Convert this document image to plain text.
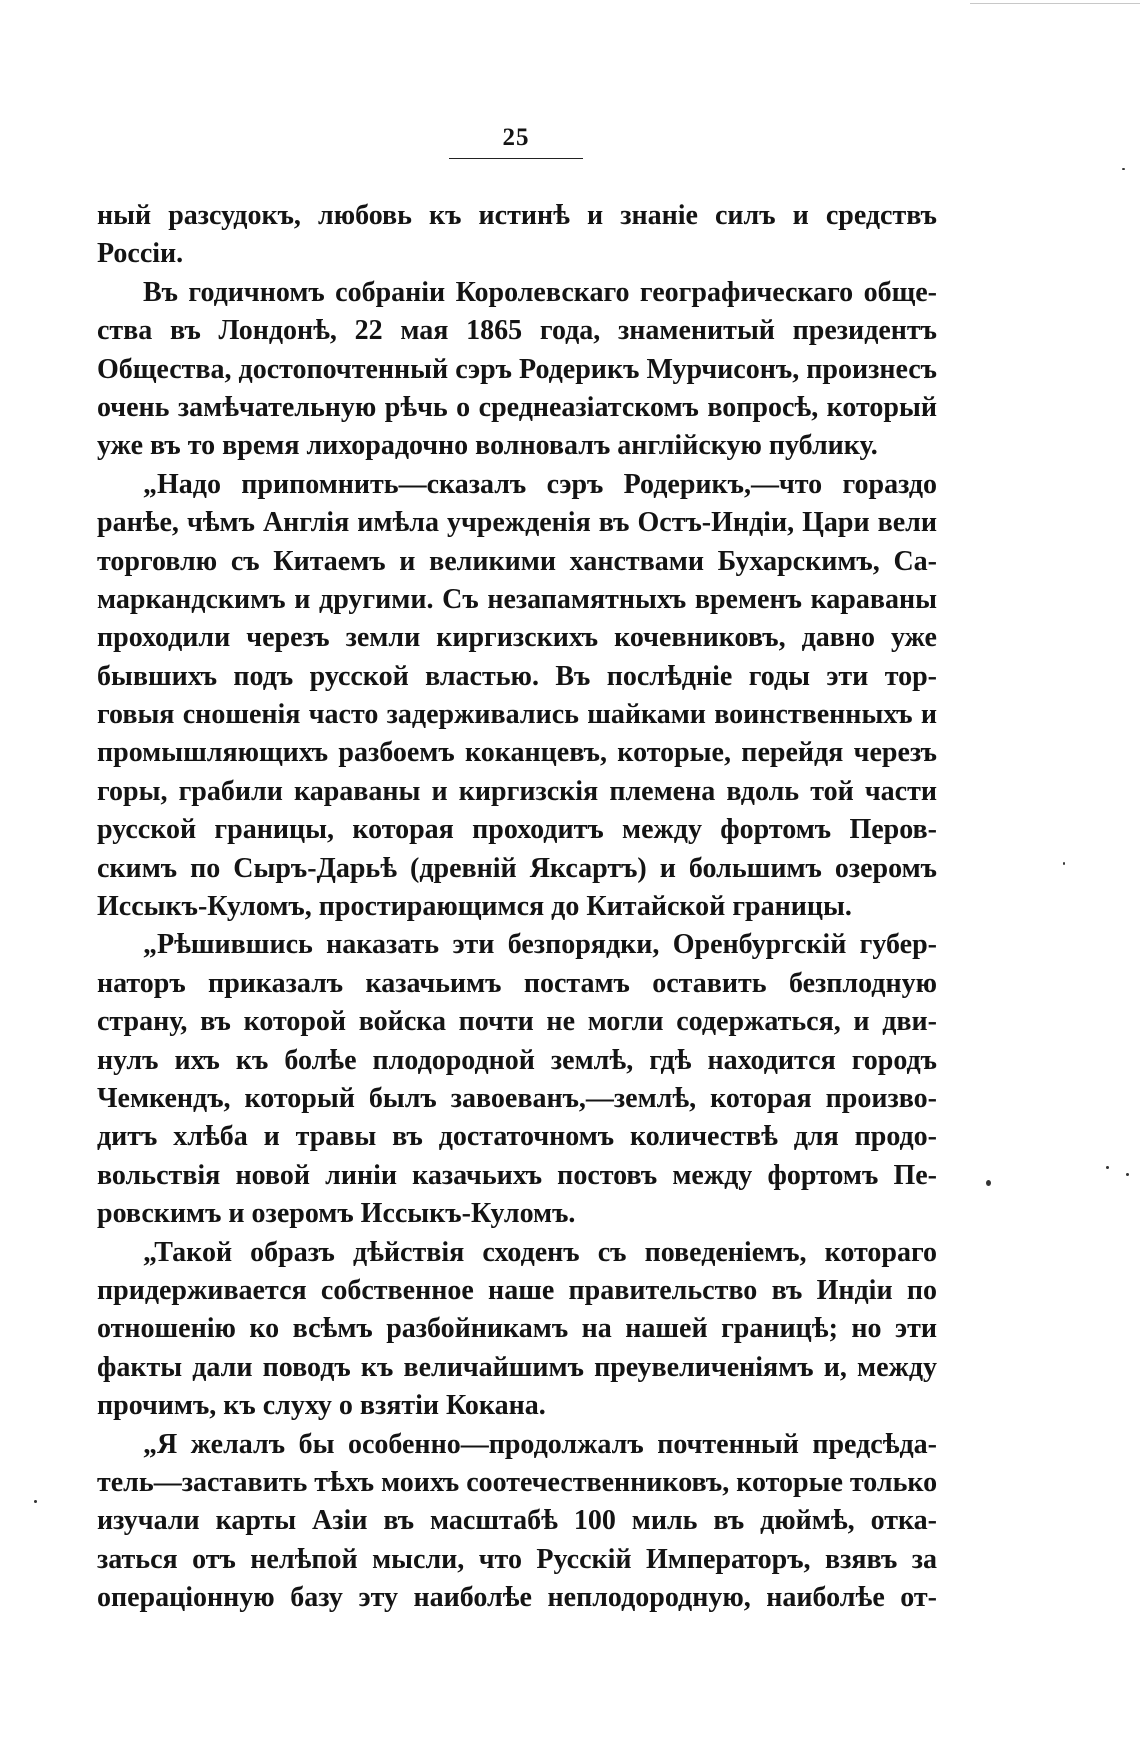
25
ный разсудокъ, любовь къ истинѣ и знаніе силъ и средствъ
Россіи.
Въ годичномъ собраніи Королевскаго географическаго обще-
ства въ Лондонѣ, 22 мая 1865 года, знаменитый президентъ
Общества, достопочтенный сэръ Родерикъ Мурчисонъ, произнесъ
очень замѣчательную рѣчь о среднеазіатскомъ вопросѣ, который
уже въ то время лихорадочно волновалъ англійскую публику.
„Надо припомнить—сказалъ сэръ Родерикъ,—что гораздо
ранѣе, чѣмъ Англія имѣла учрежденія въ Остъ-Индіи, Цари вели
торговлю съ Китаемъ и великими ханствами Бухарскимъ, Са-
маркандскимъ и другими. Съ незапамятныхъ временъ караваны
проходили черезъ земли киргизскихъ кочевниковъ, давно уже
бывшихъ подъ русской властью. Въ послѣдніе годы эти тор-
говыя сношенія часто задерживались шайками воинственныхъ и
промышляющихъ разбоемъ коканцевъ, которые, перейдя черезъ
горы, грабили караваны и киргизскія племена вдоль той части
русской границы, которая проходитъ между фортомъ Перов-
скимъ по Сыръ-Дарьѣ (древній Яксартъ) и большимъ озеромъ
Иссыкъ-Куломъ, простирающимся до Китайской границы.
„Рѣшившись наказать эти безпорядки, Оренбургскій губер-
наторъ приказалъ казачьимъ постамъ оставить безплодную
страну, въ которой войска почти не могли содержаться, и дви-
нулъ ихъ къ болѣе плодородной землѣ, гдѣ находится городъ
Чемкендъ, который былъ завоеванъ,—землѣ, которая произво-
дитъ хлѣба и травы въ достаточномъ количествѣ для продо-
вольствія новой линіи казачьихъ постовъ между фортомъ Пе-
ровскимъ и озеромъ Иссыкъ-Куломъ.
„Такой образъ дѣйствія сходенъ съ поведеніемъ, котораго
придерживается собственное наше правительство въ Индіи по
отношенію ко всѣмъ разбойникамъ на нашей границѣ; но эти
факты дали поводъ къ величайшимъ преувеличеніямъ и, между
прочимъ, къ слуху о взятіи Кокана.
„Я желалъ бы особенно—продолжалъ почтенный предсѣда-
тель—заставить тѣхъ моихъ соотечественниковъ, которые только
изучали карты Азіи въ масштабѣ 100 миль въ дюймѣ, отка-
заться отъ нелѣпой мысли, что Русскій Императоръ, взявъ за
операціонную базу эту наиболѣе неплодородную, наиболѣе от-
